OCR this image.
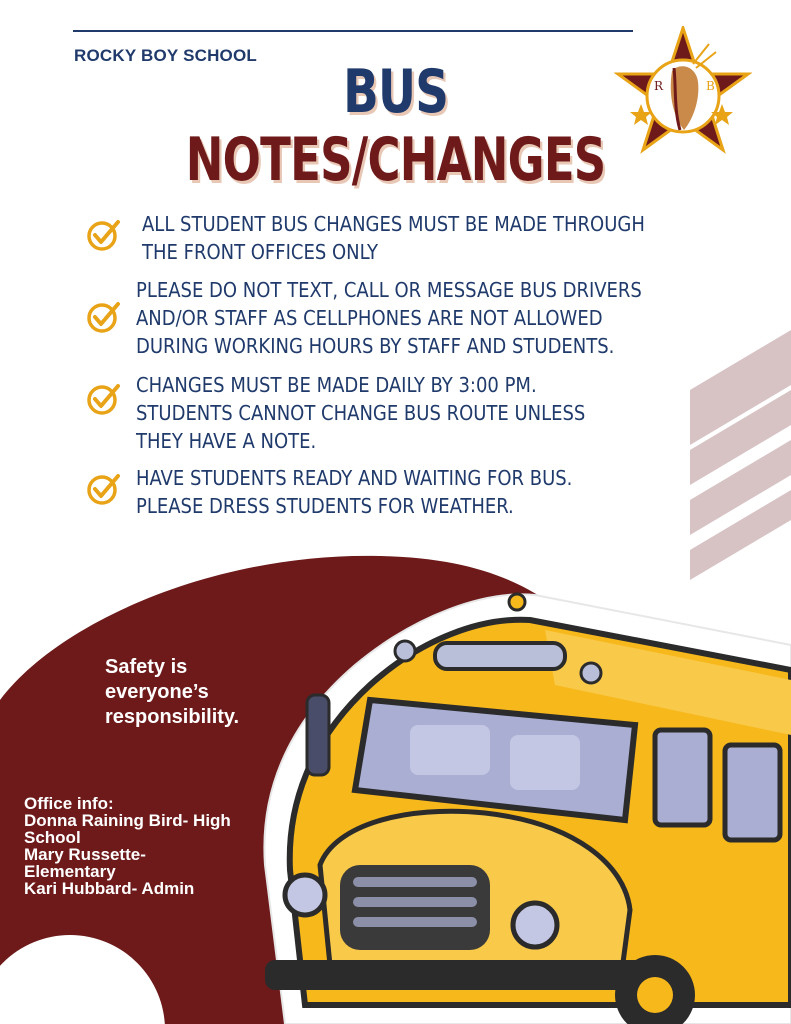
ROCKY BOY SCHOOL
BUS
NOTES/CHANGES
R	B

ALL STUDENT BUS CHANGES MUST BE MADE THROUGH

THE FRONT OFFICES ONLY

PLEASE DO NOT TEXT, CALL OR MESSAGE BUS DRIVERS

AND/OR STAFF AS CELLPHONES ARE NOT ALLOWED

DURING WORKING HOURS BY STAFF AND STUDENTS.

CHANGES MUST BE MADE DAILY BY 3:00 PM.

STUDENTS CANNOT CHANGE BUS ROUTE UNLESS

THEY HAVE A NOTE.

HAVE STUDENTS READY AND WAITING FOR BUS.

PLEASE DRESS STUDENTS FOR WEATHER.

Safety is
everyone’s
responsibility.
Office info:
Donna Raining Bird- High
School
Mary Russette-
Elementary
Kari Hubbard- Admin
